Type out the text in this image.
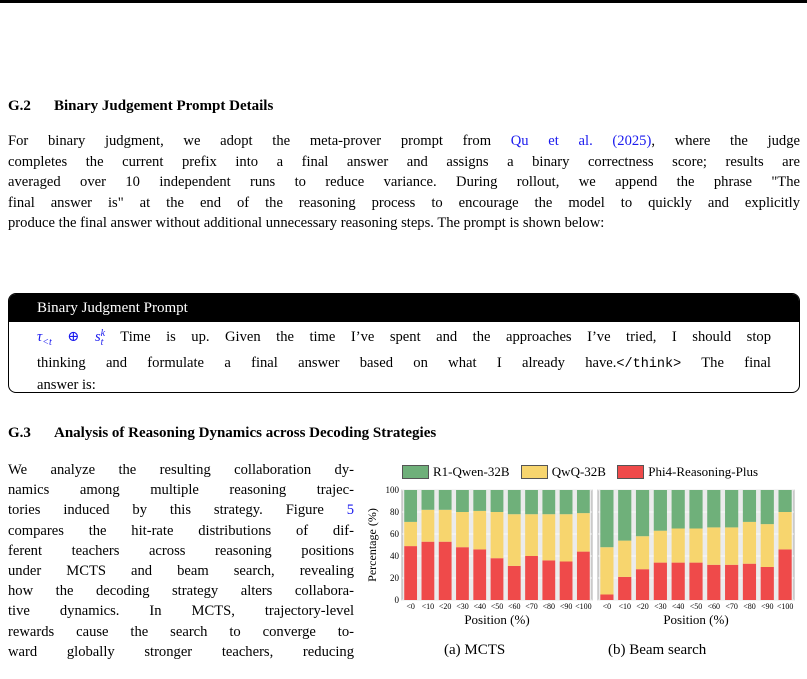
G.2 Binary Judgement Prompt Details
For binary judgment, we adopt the meta-prover prompt from Qu et al. (2025), where the judge
completes the current prefix into a final answer and assigns a binary correctness score; results are
averaged over 10 independent runs to reduce variance. During rollout, we append the phrase "The
final answer is" at the end of the reasoning process to encourage the model to quickly and explicitly
produce the final answer without additional unnecessary reasoning steps. The prompt is shown below:
Binary Judgment Prompt
$\tau_{<t}$ ⊕ s k
t Time is up. Given the time I’ve spent and the approaches I’ve tried, I should stop
thinking and formulate a final answer based on what I already have.</think> The final
answer is:
G.3 Analysis of Reasoning Dynamics across Decoding Strategies
We analyze the resulting collaboration dy-
namics among multiple reasoning trajec-
tories induced by this strategy. Figure 5
compares the hit-rate distributions of dif-
ferent teachers across reasoning positions
under MCTS and beam search, revealing
how the decoding strategy alters collabora-
tive dynamics. In MCTS, trajectory-level
rewards cause the search to converge to-
ward globally stronger teachers, reducing
R1-Qwen-32B
	QwQ-32B
	Phi4-Reasoning-Plus
0
20
40
60
80
100
<0 <10 <20 <30 <40 <50 <60 <70 <80 <90 <100
Position (%)
Percentage (%)
<0 <10 <20 <30 <40 <50 <60 <70 <80 <90 <100
Position (%)
(a) MCTS	(b) Beam search
